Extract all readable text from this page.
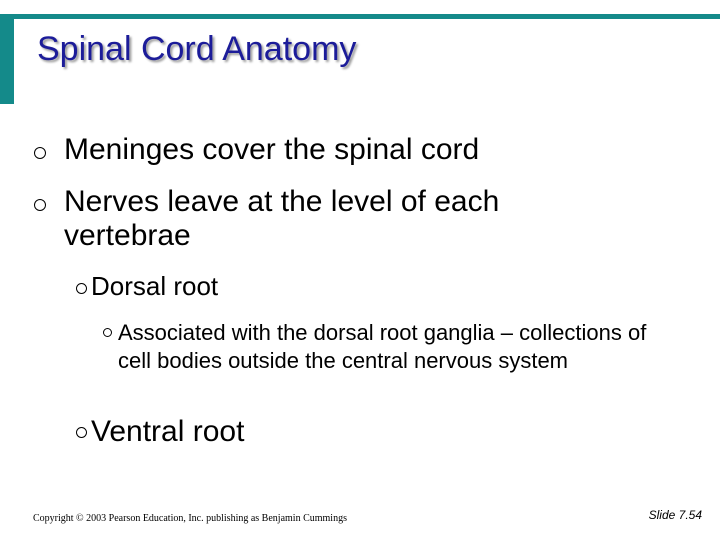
Spinal Cord Anatomy
Meninges cover the spinal cord
Nerves leave at the level of each vertebrae
Dorsal root
Associated with the dorsal root ganglia – collections of cell bodies outside the central nervous system
Ventral root
Copyright © 2003 Pearson Education, Inc. publishing as Benjamin Cummings	Slide 7.54
